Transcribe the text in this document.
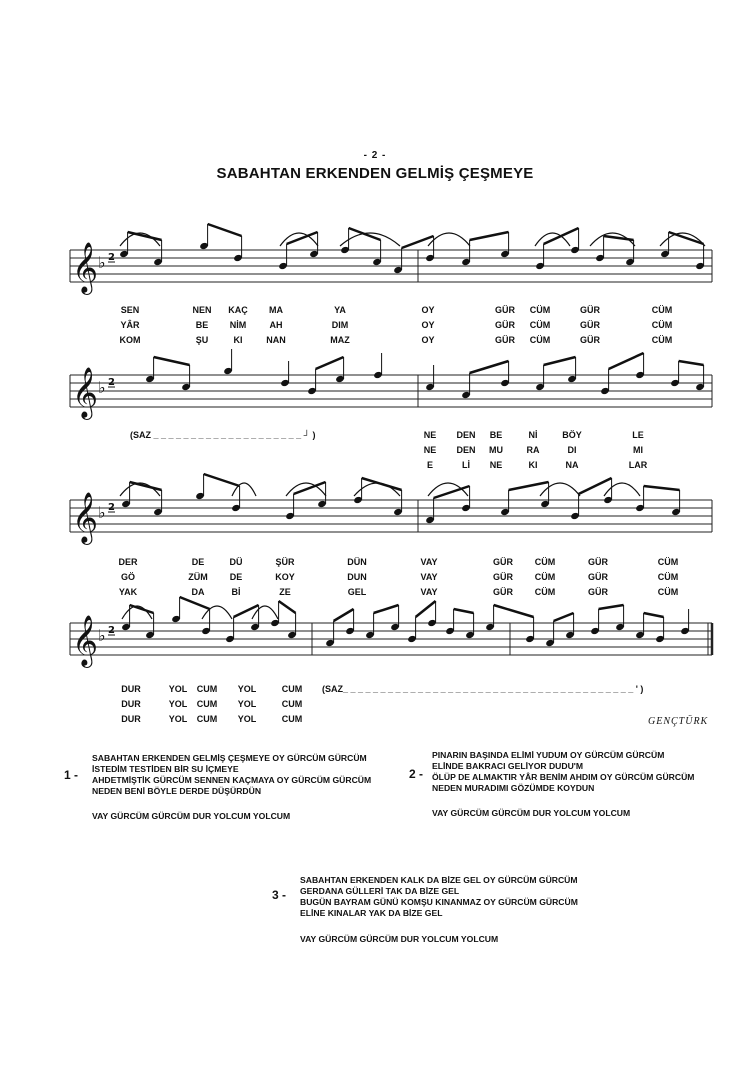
- 2 -
SABAHTAN ERKENDEN GELMİŞ ÇEŞMEYE
𝄞 ♭ 2
𝄞 ♭ 2
𝄞 ♭ 2
𝄞 ♭ 2
SEN	NEN KAÇ MA	YA	OY	GÜR CÜM	GÜR	CÜM
YÂR	BE NİM	AH	DIM	OY	GÜR CÜM	GÜR	CÜM
KOM	ŞU	KI	NAN	MAZ	OY	GÜR CÜM	GÜR	CÜM
NE DEN BE	Nİ	BÖY	LE
NE DEN MU	RA	DI	MI
E	Lİ NE	KI	NA	LAR
DER	DE	DÜ	ŞÜR	DÜN	VAY	GÜR CÜM	GÜR	CÜM
GÖ	ZÜM DE	KOY	DUN	VAY	GÜR CÜM	GÜR	CÜM
YAK	DA	Bİ	ZE	GEL	VAY	GÜR CÜM	GÜR	CÜM
DUR	YOL CUM YOL	CUM
DUR	YOL CUM YOL	CUM
DUR	YOL CUM YOL	CUM
(SAZ _ _ _ _ _ _ _ _ _ _ _ _ _ _ _ _ _ _ _ _ ┘ )
(SAZ_ _ _ _ _ _ _ _ _ _ _ _ _ _ _ _ _ _ _ _ _ _ _ _ _ _ _ _ _ _ _ _ _ _ _ _ _ _ _ ' )
GENÇTÜRK
1 -
SABAHTAN ERKENDEN GELMİŞ ÇEŞMEYE OY GÜRCÜM GÜRCÜM
İSTEDİM TESTİDEN BİR SU İÇMEYE
AHDETMİŞTİK GÜRCÜM SENNEN KAÇMAYA OY GÜRCÜM GÜRCÜM
NEDEN BENİ BÖYLE DERDE DÜŞÜRDÜN
VAY GÜRCÜM GÜRCÜM DUR YOLCUM YOLCUM
2 -
PINARIN BAŞINDA ELİMİ YUDUM OY GÜRCÜM GÜRCÜM
ELİNDE BAKRACI GELİYOR DUDU'M
ÖLÜP DE ALMAKTIR YÂR BENİM AHDIM OY GÜRCÜM GÜRCÜM
NEDEN MURADIMI GÖZÜMDE KOYDUN
VAY GÜRCÜM GÜRCÜM DUR YOLCUM YOLCUM
3 -
SABAHTAN ERKENDEN KALK DA BİZE GEL OY GÜRCÜM GÜRCÜM
GERDANA GÜLLERİ TAK DA BİZE GEL
BUGÜN BAYRAM GÜNÜ KOMŞU KINANMAZ OY GÜRCÜM GÜRCÜM
ELİNE KINALAR YAK DA BİZE GEL
VAY GÜRCÜM GÜRCÜM DUR YOLCUM YOLCUM
